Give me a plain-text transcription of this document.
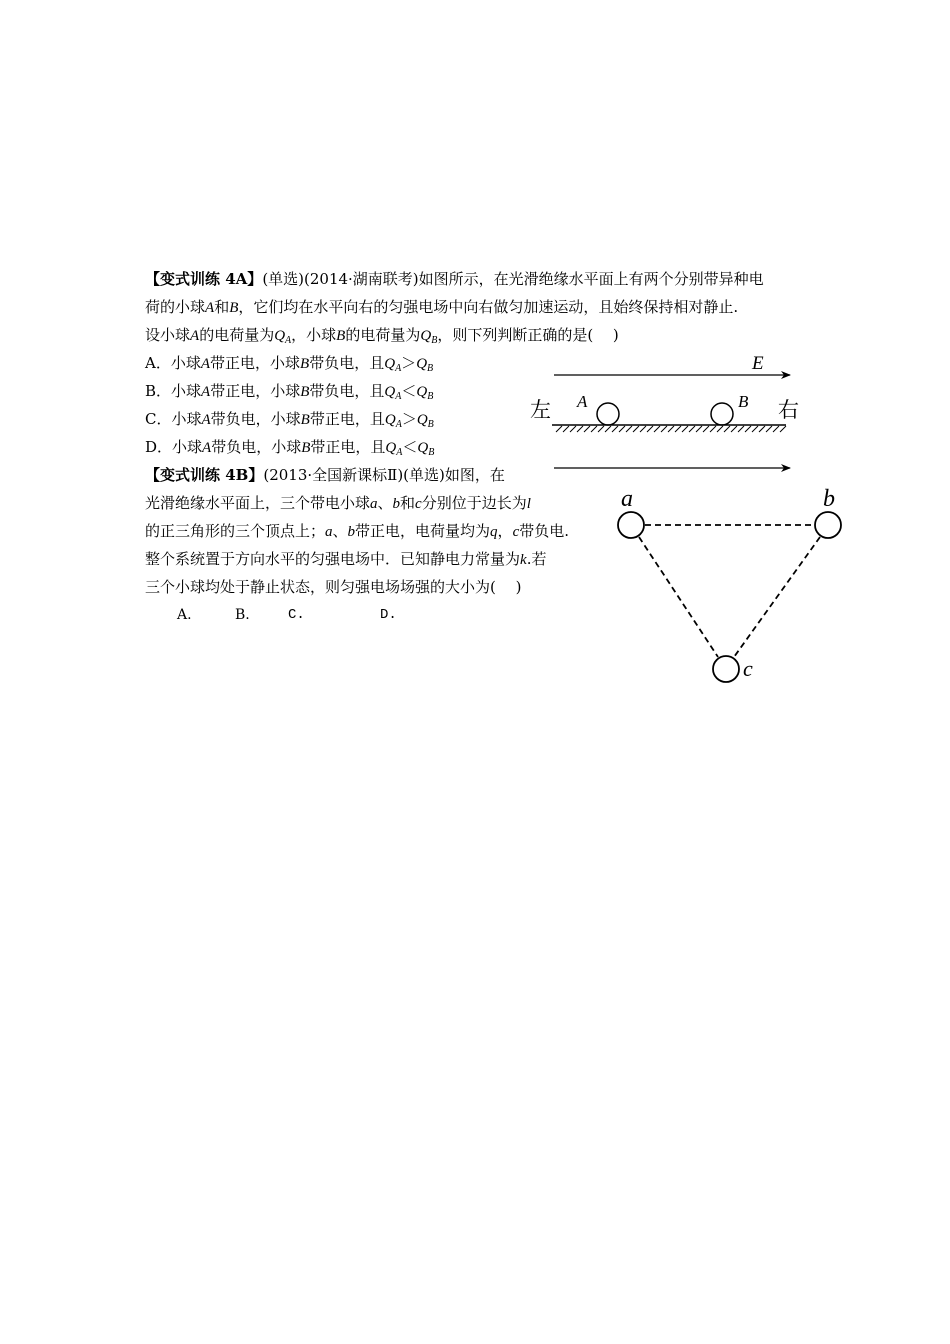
【变式训练 4A】(单选)(2014·湖南联考)如图所示，在光滑绝缘水平面上有两个分别带异种电
荷的小球A和B，它们均在水平向右的匀强电场中向右做匀加速运动，且始终保持相对静止.
设小球A的电荷量为$Q_A$，小球B的电荷量为$Q_B$，则下列判断正确的是(　 )
A．小球A带正电，小球B带负电，且$Q_A>Q_B$
B．小球A带正电，小球B带负电，且$Q_A<Q_B$
C．小球A带负电，小球B带正电，且$Q_A>Q_B$
D．小球A带负电，小球B带正电，且$Q_A<Q_B$
E
左	右
A	B
【变式训练 4B】(2013·全国新课标Ⅱ)(单选)如图，在
光滑绝缘水平面上，三个带电小球a、b和c分别位于边长为l
的正三角形的三个顶点上；a、b带正电，电荷量均为q，c带负电.
整个系统置于方向水平的匀强电场中．已知静电力常量为k.若
三个小球均处于静止状态，则匀强电场场强的大小为(　 )
A.	B.	C.	D.
a	b
c
